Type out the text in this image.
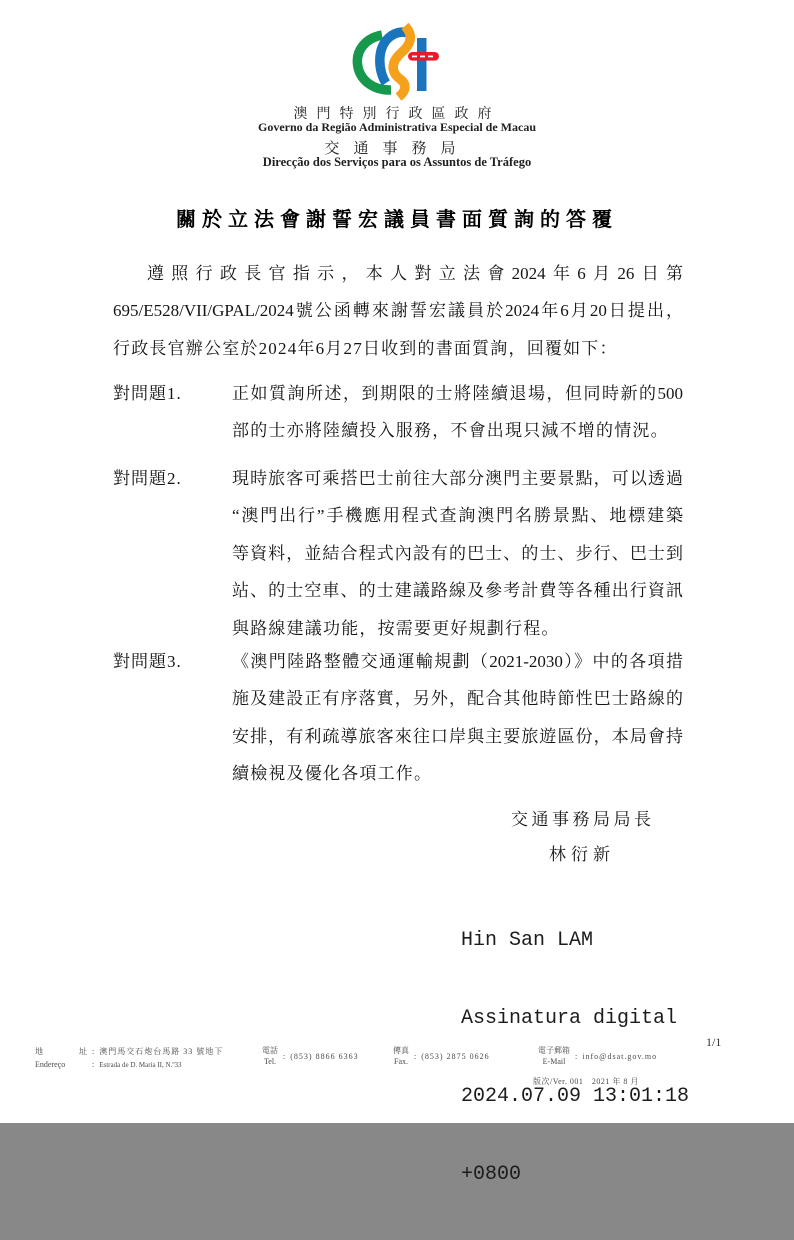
澳門特別行政區政府
Governo da Região Administrativa Especial de Macau
交通事務局
Direcção dos Serviços para os Assuntos de Tráfego
關於立法會謝誓宏議員書面質詢的答覆
遵照行政長官指示，本人對立法會2024年6月26日第
695/E528/VII/GPAL/2024號公函轉來謝誓宏議員於2024年6月20日提出，
行政長官辦公室於2024年6月27日收到的書面質詢，回覆如下：
對問題1.	正如質詢所述，到期限的士將陸續退場，但同時新的500
部的士亦將陸續投入服務，不會出現只減不增的情況。
對問題2.	現時旅客可乘搭巴士前往大部分澳門主要景點，可以透過
“澳門出行”手機應用程式查詢澳門名勝景點、地標建築
等資料，並結合程式內設有的巴士、的士、步行、巴士到
站、的士空車、的士建議路線及參考計費等各種出行資訊
與路線建議功能，按需要更好規劃行程。
對問題3.	《澳門陸路整體交通運輸規劃（2021-2030）》中的各項措
施及建設正有序落實，另外，配合其他時節性巴士路線的
安排，有利疏導旅客來往口岸與主要旅遊區份，本局會持
續檢視及優化各項工作。
交通事務局局長
林衍新

Hin San LAM

Assinatura digital

2024.07.09 13:01:18

+0800

1/1
地址 : 澳門馬交石炮台馬路 33 號地下
Endereço	: Estrada de D. Maria II, N.º33
電話
Tel.
: (853) 8866 6363
傳真
Fax.
: (853) 2875 0626
電子郵箱
E-Mail
: info@dsat.gov.mo
版次/Ver. 001　2021 年 8 月
